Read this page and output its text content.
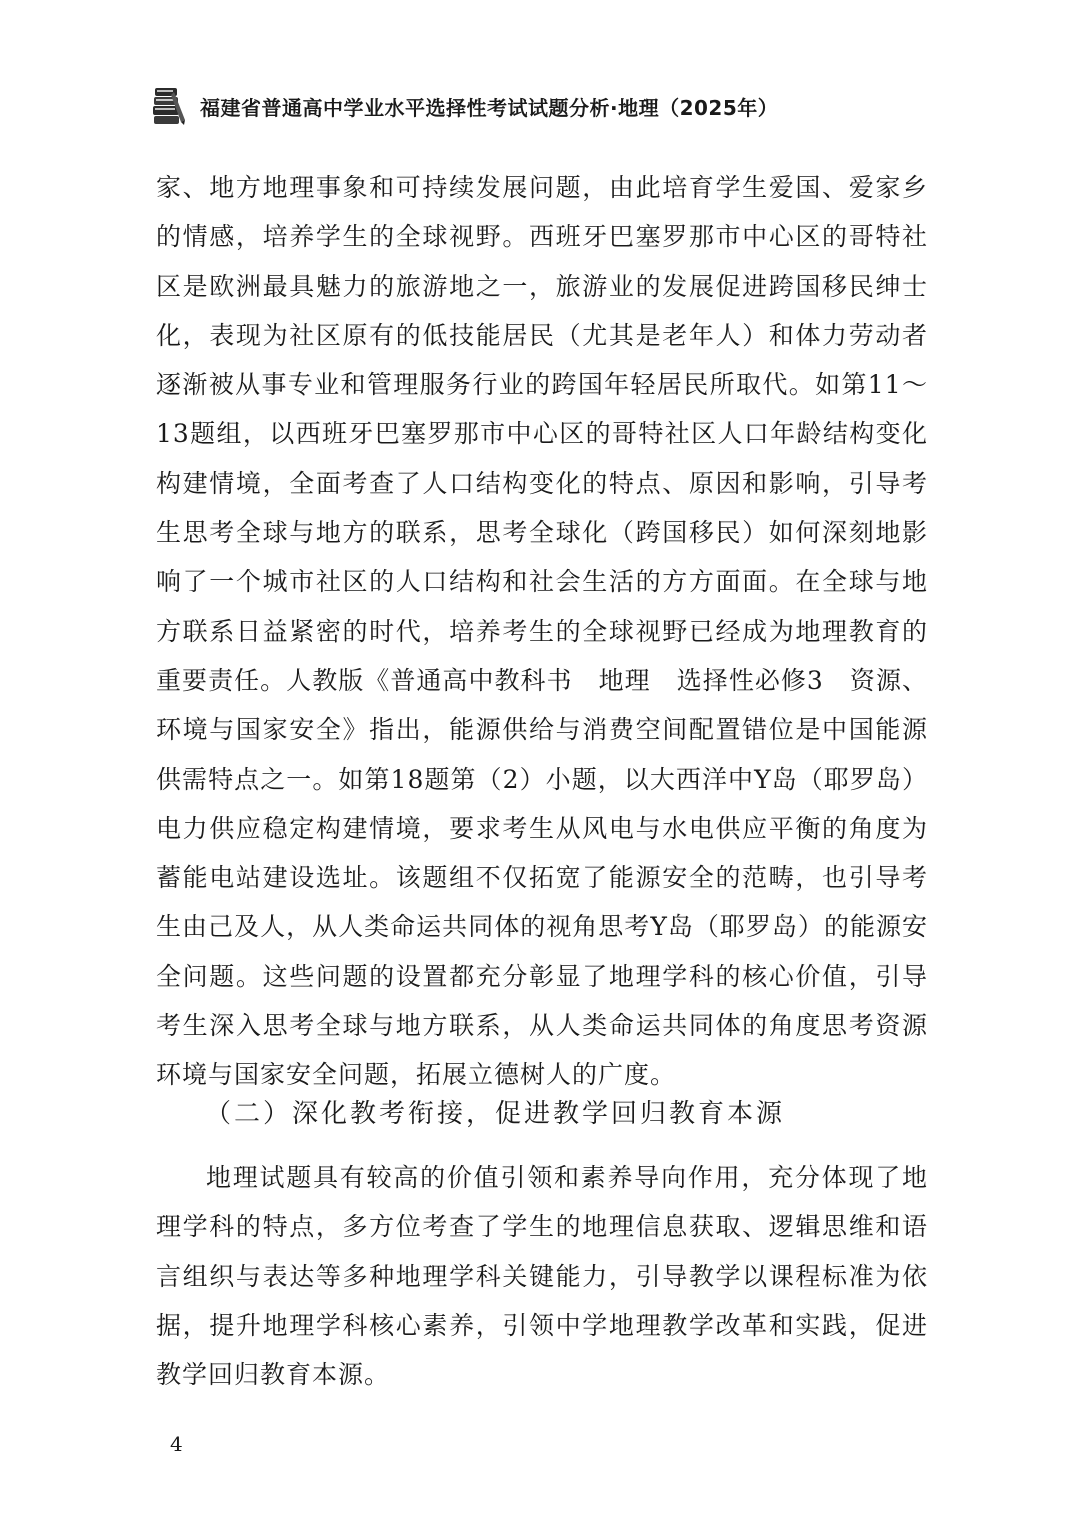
福建省普通高中学业水平选择性考试试题分析·地理（2025年）

家、地方地理事象和可持续发展问题，由此培育学生爱国、爱家乡的情感，培养学生的全球视野。西班牙巴塞罗那市中心区的哥特社区是欧洲最具魅力的旅游地之一，旅游业的发展促进跨国移民绅士化，表现为社区原有的低技能居民（尤其是老年人）和体力劳动者逐渐被从事专业和管理服务行业的跨国年轻居民所取代。如第11～13题组，以西班牙巴塞罗那市中心区的哥特社区人口年龄结构变化构建情境，全面考查了人口结构变化的特点、原因和影响，引导考生思考全球与地方的联系，思考全球化（跨国移民）如何深刻地影响了一个城市社区的人口结构和社会生活的方方面面。在全球与地方联系日益紧密的时代，培养考生的全球视野已经成为地理教育的重要责任。人教版《普通高中教科书　地理　选择性必修3　资源、环境与国家安全》指出，能源供给与消费空间配置错位是中国能源供需特点之一。如第18题第（2）小题，以大西洋中Y岛（耶罗岛）电力供应稳定构建情境，要求考生从风电与水电供应平衡的角度为蓄能电站建设选址。该题组不仅拓宽了能源安全的范畴，也引导考生由己及人，从人类命运共同体的视角思考Y岛（耶罗岛）的能源安全问题。这些问题的设置都充分彰显了地理学科的核心价值，引导考生深入思考全球与地方联系，从人类命运共同体的角度思考资源环境与国家安全问题，拓展立德树人的广度。

（二）深化教考衔接，促进教学回归教育本源

地理试题具有较高的价值引领和素养导向作用，充分体现了地理学科的特点，多方位考查了学生的地理信息获取、逻辑思维和语言组织与表达等多种地理学科关键能力，引导教学以课程标准为依据，提升地理学科核心素养，引领中学地理教学改革和实践，促进教学回归教育本源。

4
